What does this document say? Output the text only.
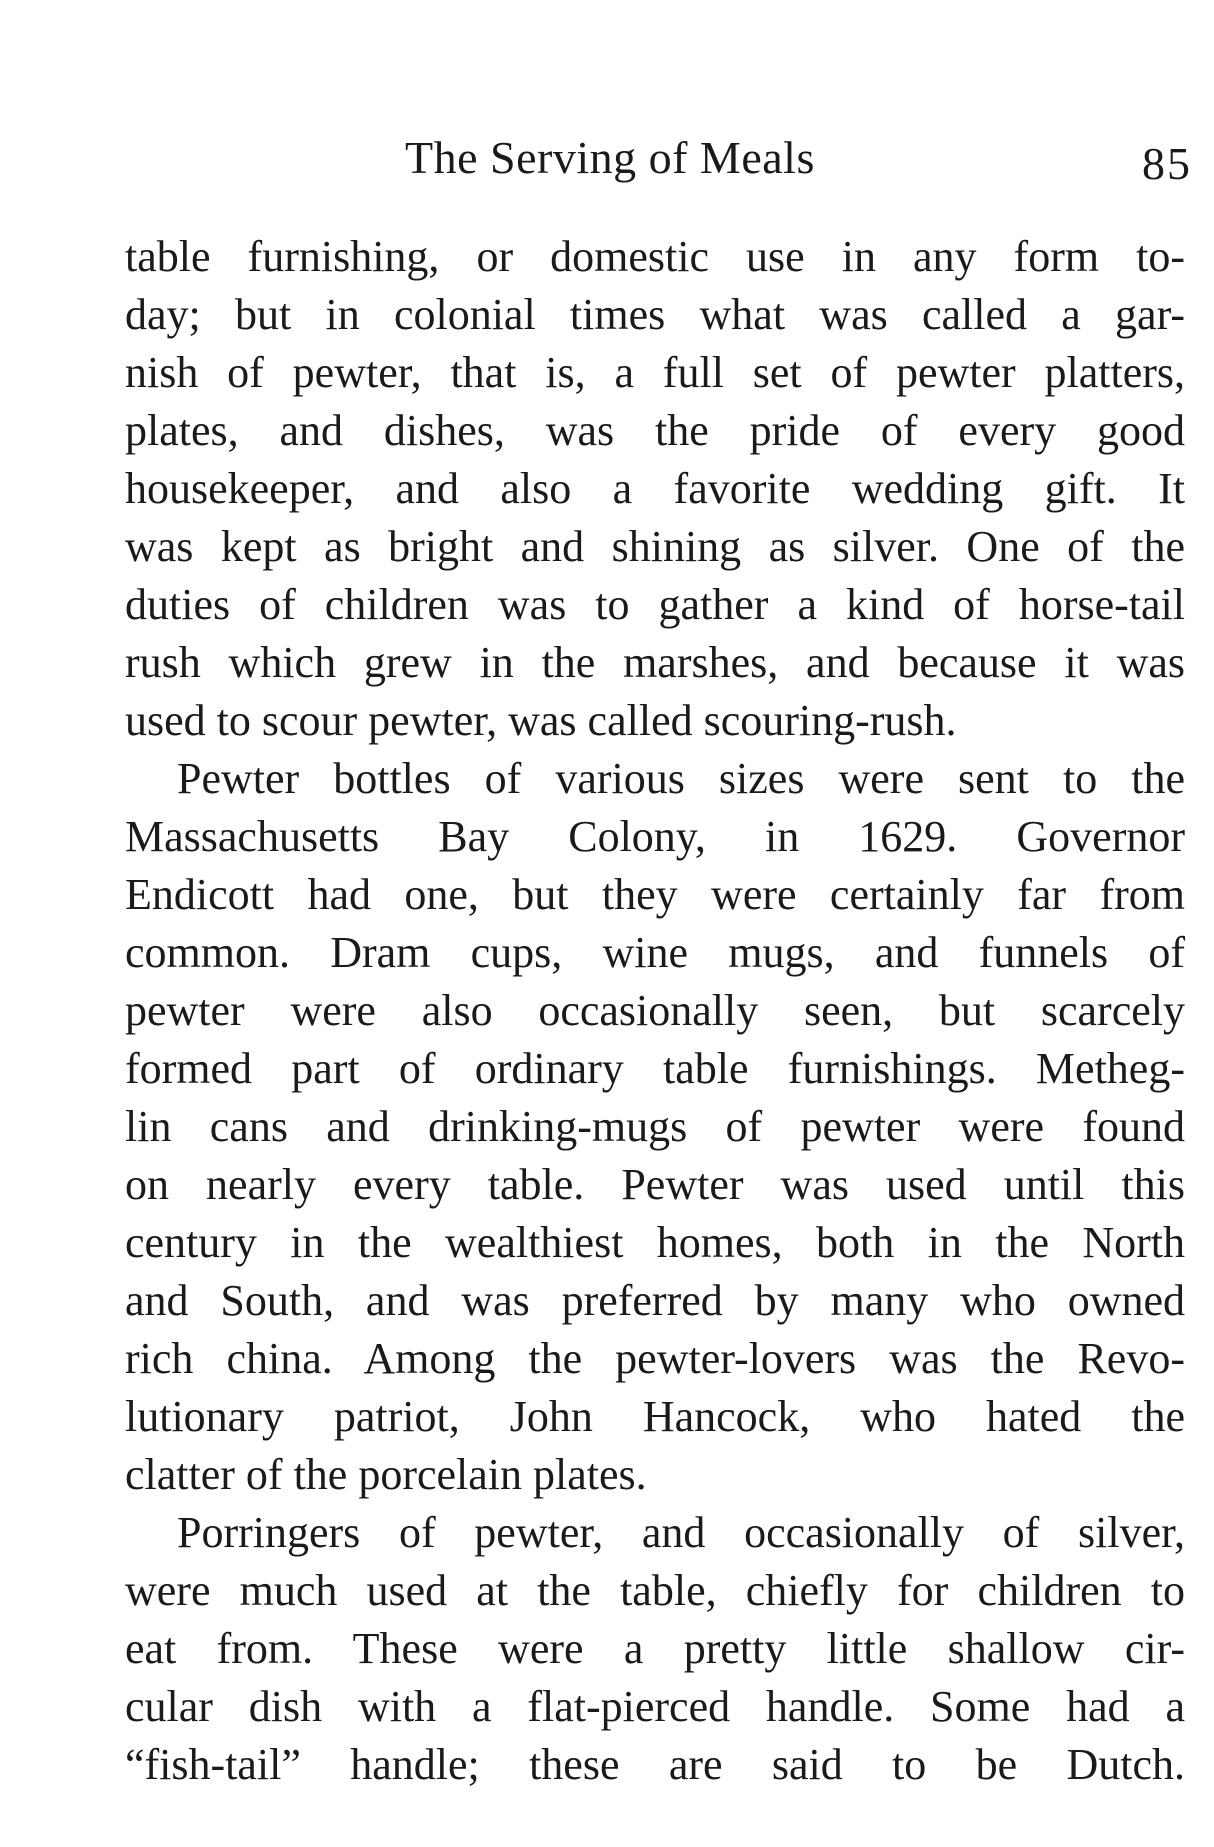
The Serving of Meals	85
table furnishing, or domestic use in any form to-
day; but in colonial times what was called a gar-
nish of pewter, that is, a full set of pewter platters,
plates, and dishes, was the pride of every good
housekeeper, and also a favorite wedding gift. It
was kept as bright and shining as silver. One of the
duties of children was to gather a kind of horse-tail
rush which grew in the marshes, and because it was
used to scour pewter, was called scouring-rush.
Pewter bottles of various sizes were sent to the
Massachusetts Bay Colony, in 1629. Governor
Endicott had one, but they were certainly far from
common. Dram cups, wine mugs, and funnels of
pewter were also occasionally seen, but scarcely
formed part of ordinary table furnishings. Metheg-
lin cans and drinking-mugs of pewter were found
on nearly every table. Pewter was used until this
century in the wealthiest homes, both in the North
and South, and was preferred by many who owned
rich china. Among the pewter-lovers was the Revo-
lutionary patriot, John Hancock, who hated the
clatter of the porcelain plates.
Porringers of pewter, and occasionally of silver,
were much used at the table, chiefly for children to
eat from. These were a pretty little shallow cir-
cular dish with a flat-pierced handle. Some had a
“fish-tail” handle; these are said to be Dutch.
